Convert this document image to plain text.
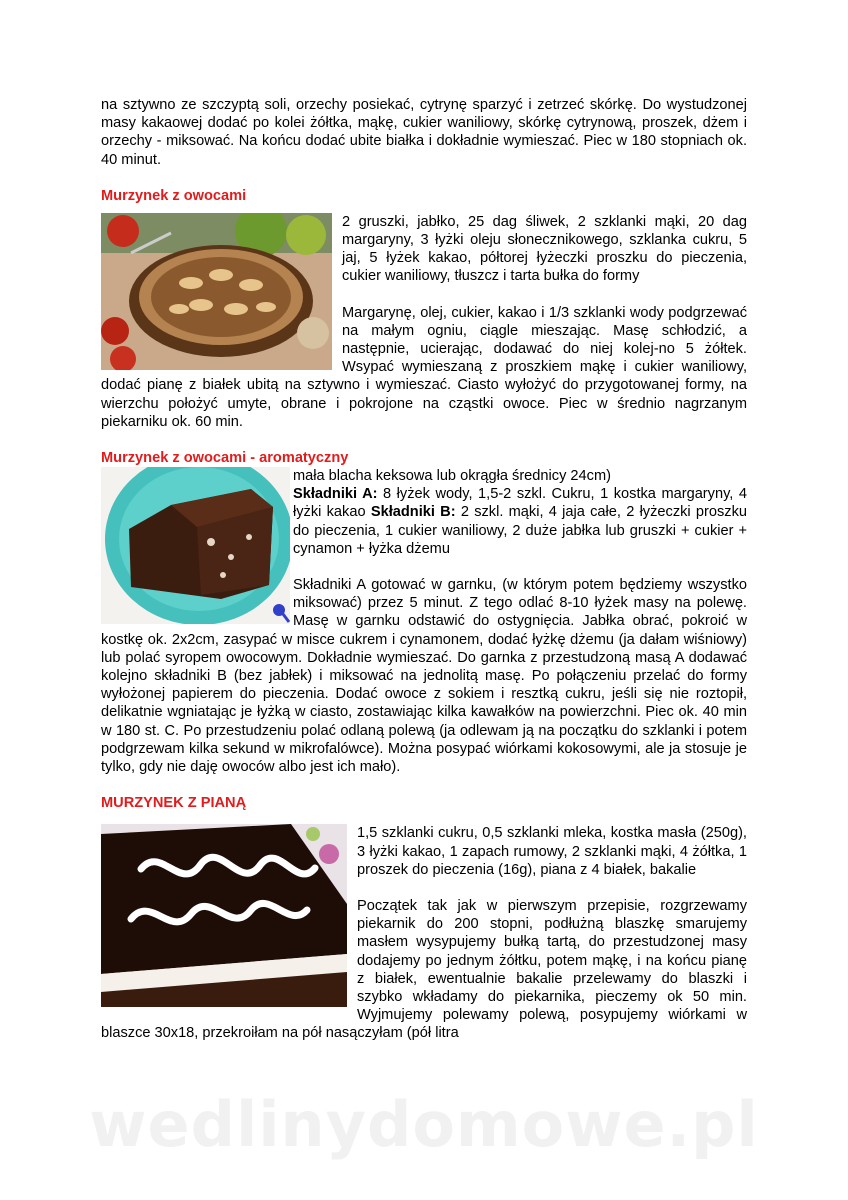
na sztywno ze szczyptą soli, orzechy posiekać, cytrynę sparzyć i zetrzeć skórkę. Do wystudzonej masy kakaowej dodać po kolei żółtka, mąkę, cukier waniliowy, skórkę cytrynową, proszek, dżem i orzechy - miksować. Na końcu dodać ubite białka i dokładnie wymieszać. Piec w 180 stopniach ok. 40 minut.

Murzynek z owocami

2 gruszki, jabłko, 25 dag śliwek, 2 szklanki mąki, 20 dag margaryny, 3 łyżki oleju słonecznikowego, szklanka cukru, 5 jaj, 5 łyżek kakao, półtorej łyżeczki proszku do pieczenia, cukier waniliowy, tłuszcz i tarta bułka do formy

Margarynę, olej, cukier, kakao i 1/3 szklanki wody podgrzewać na małym ogniu, ciągle mieszając. Masę schłodzić, a następnie, ucierając, dodawać do niej kolej-no 5 żółtek. Wsypać wymieszaną z proszkiem mąkę i cukier waniliowy, dodać pianę z białek ubitą na sztywno i wymieszać. Ciasto wyłożyć do przygotowanej formy, na wierzchu położyć umyte, obrane i pokrojone na cząstki owoce. Piec w średnio nagrzanym piekarniku ok. 60 min.

Murzynek z owocami - aromatyczny

mała blacha keksowa lub okrągła średnicy 24cm)

Składniki A: 8 łyżek wody, 1,5-2 szkl. Cukru, 1 kostka margaryny, 4 łyżki kakao Składniki B: 2 szkl. mąki, 4 jaja całe, 2 łyżeczki proszku do pieczenia, 1 cukier waniliowy, 2 duże jabłka lub gruszki + cukier + cynamon + łyżka dżemu

Składniki A gotować w garnku, (w którym potem będziemy wszystko miksować) przez 5 minut. Z tego odlać 8-10 łyżek masy na polewę. Masę w garnku odstawić do ostygnięcia. Jabłka obrać, pokroić w kostkę ok. 2x2cm, zasypać w misce cukrem i cynamonem, dodać łyżkę dżemu (ja dałam wiśniowy) lub polać syropem owocowym. Dokładnie wymieszać. Do garnka z przestudzoną masą A dodawać kolejno składniki B (bez jabłek) i miksować na jednolitą masę. Po połączeniu przelać do formy wyłożonej papierem do pieczenia. Dodać owoce z sokiem i resztką cukru, jeśli się nie roztopił, delikatnie wgniatając je łyżką w ciasto, zostawiając kilka kawałków na powierzchni. Piec ok. 40 min w 180 st. C. Po przestudzeniu polać odlaną polewą (ja odlewam ją na początku do szklanki i potem podgrzewam kilka sekund w mikrofalówce). Można posypać wiórkami kokosowymi, ale ja stosuje je tylko, gdy nie daję owoców albo jest ich mało).

MURZYNEK Z PIANĄ

1,5 szklanki cukru, 0,5 szklanki mleka, kostka masła (250g), 3 łyżki kakao, 1 zapach rumowy, 2 szklanki mąki, 4 żółtka, 1 proszek do pieczenia (16g), piana z 4 białek, bakalie

Początek tak jak w pierwszym przepisie, rozgrzewamy piekarnik do 200 stopni, podłużną blaszkę smarujemy masłem wysypujemy bułką tartą, do przestudzonej masy dodajemy po jednym żółtku, potem mąkę, i na końcu pianę z białek, ewentualnie bakalie przelewamy do blaszki i szybko wkładamy do piekarnika, pieczemy ok 50 min. Wyjmujemy polewamy polewą, posypujemy wiórkami w blaszce 30x18, przekroiłam na pół nasączyłam (pół litra

wedlinydomowe.pl
